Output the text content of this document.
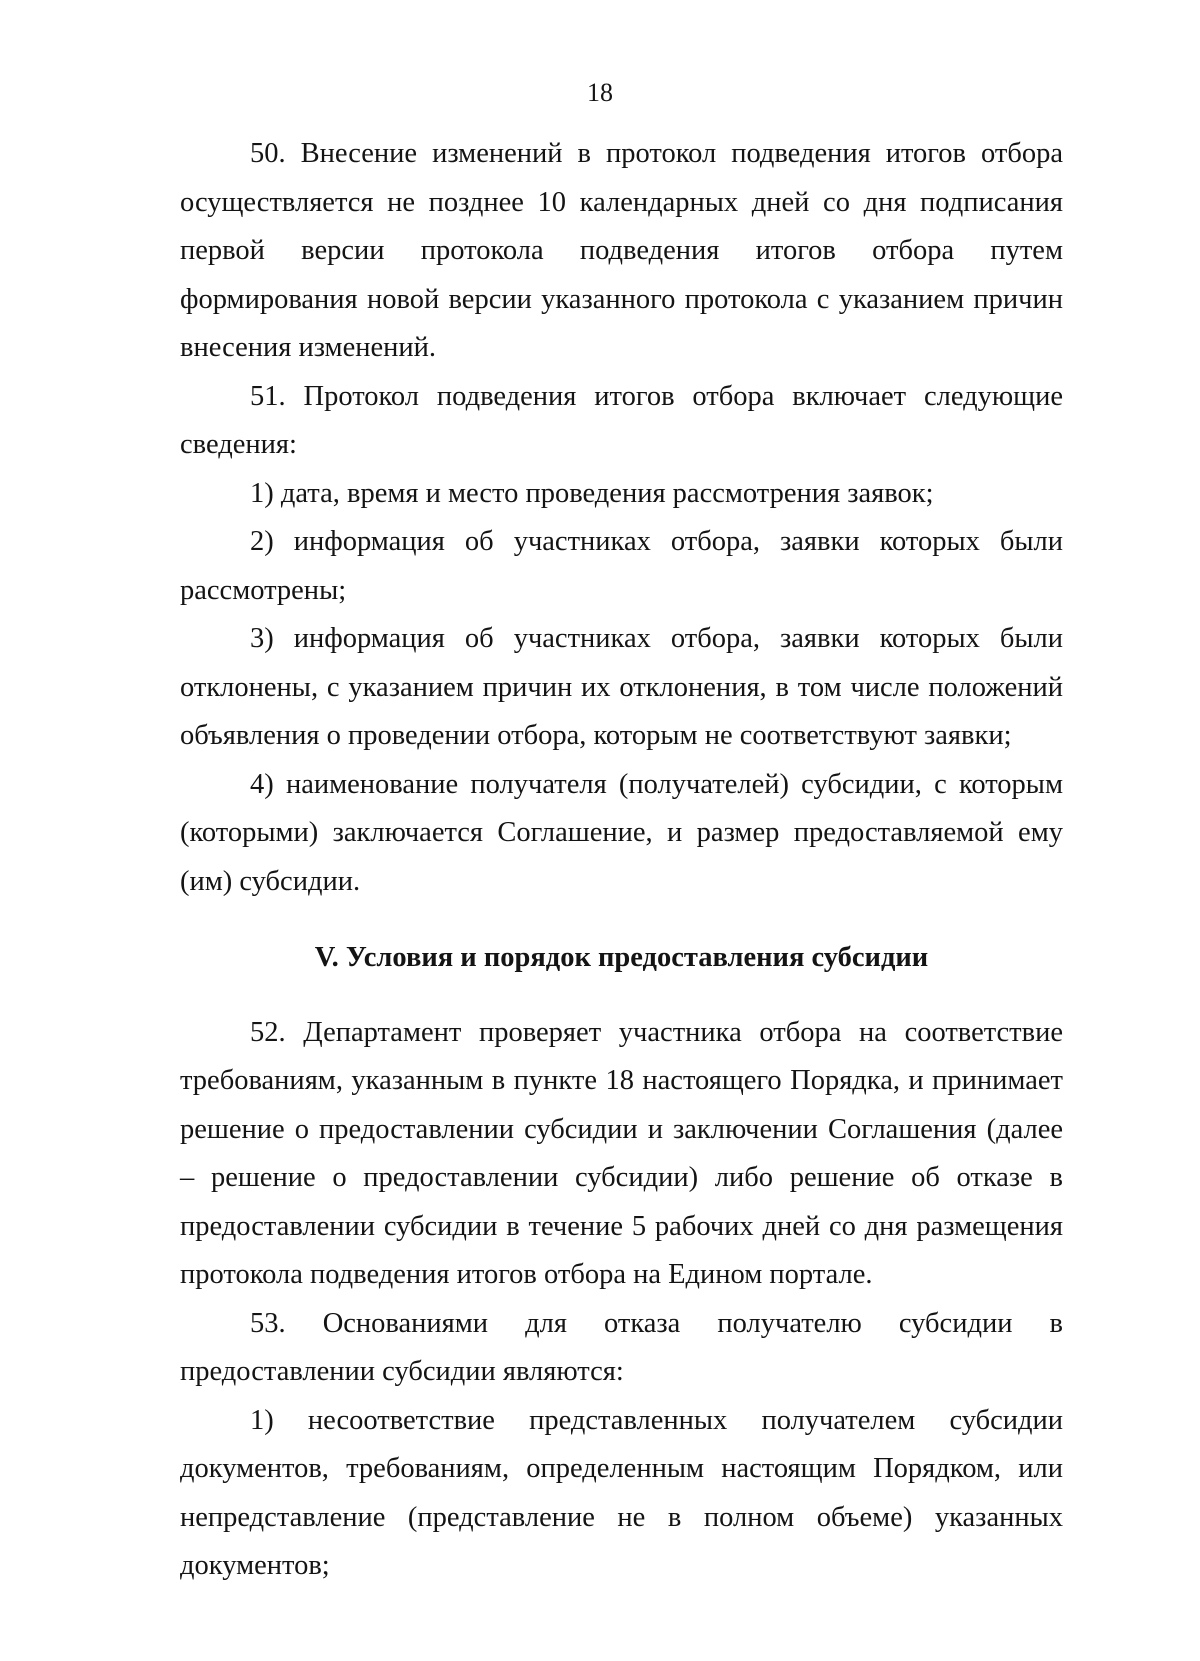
18

50. Внесение изменений в протокол подведения итогов отбора осуществляется не позднее 10 календарных дней со дня подписания первой версии протокола подведения итогов отбора путем формирования новой версии указанного протокола с указанием причин внесения изменений.

51. Протокол подведения итогов отбора включает следующие сведения:

1) дата, время и место проведения рассмотрения заявок;

2) информация об участниках отбора, заявки которых были рассмотрены;

3) информация об участниках отбора, заявки которых были отклонены, с указанием причин их отклонения, в том числе положений объявления о проведении отбора, которым не соответствуют заявки;

4) наименование получателя (получателей) субсидии, с которым (которыми) заключается Соглашение, и размер предоставляемой ему (им) субсидии.

V. Условия и порядок предоставления субсидии

52. Департамент проверяет участника отбора на соответствие требованиям, указанным в пункте 18 настоящего Порядка, и принимает решение о предоставлении субсидии и заключении Соглашения (далее – решение о предоставлении субсидии) либо решение об отказе в предоставлении субсидии в течение 5 рабочих дней со дня размещения протокола подведения итогов отбора на Едином портале.

53. Основаниями для отказа получателю субсидии в предоставлении субсидии являются:

1) несоответствие представленных получателем субсидии документов, требованиям, определенным настоящим Порядком, или непредставление (представление не в полном объеме) указанных документов;
